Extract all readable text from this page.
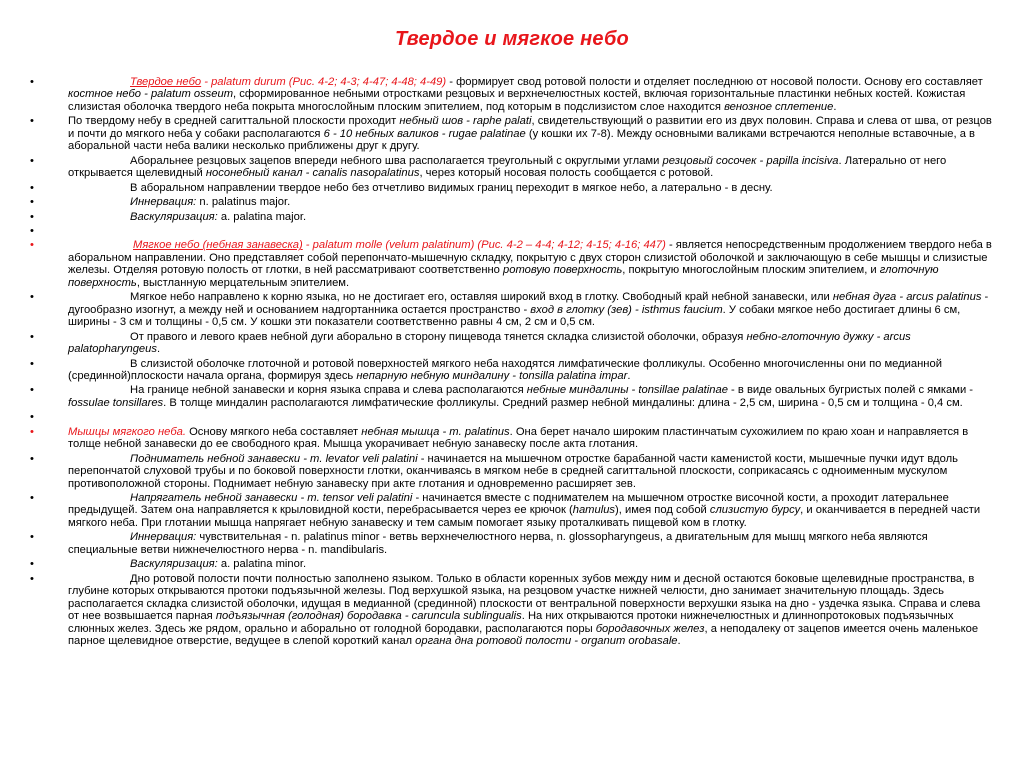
Твердое и мягкое небо
•	Твердое небо - palatum durum (Рис. 4-2; 4-3; 4-47; 4-48; 4-49) - формирует свод ротовой полости и отделяет последнюю от носовой полости. Основу его составляет костное небо - palatum osseum, сформированное небными отростками резцовых и верхнечелюстных костей, включая горизонтальные пластинки небных костей. Кожистая слизистая оболочка твердого неба покрыта многослойным плоским эпителием, под которым в подслизистом слое находится венозное сплетение.
•	По твердому небу в средней сагиттальной плоскости проходит небный шов - raphe palati, свидетельствующий о развитии его из двух половин. Справа и слева от шва, от резцов и почти до мягкого неба у собаки располагаются 6 - 10 небных валиков - rugae palatinae (у кошки их 7-8). Между основными валиками встречаются неполные вставочные, а в аборальной части неба валики несколько приближены друг к другу.
•	Аборальнее резцовых зацепов впереди небного шва располагается треугольный с округлыми углами резцовый сосочек - papilla incisiva. Латерально от него открывается щелевидный носонебный канал - canalis nasopalatinus, через который носовая полость сообщается с ротовой.
•	В аборальном направлении твердое небо без отчетливо видимых границ переходит в мягкое небо, а латерально - в десну.
•	Иннервация: n. palatinus major.
•	Васкуляризация: a. palatina major.
•
•	Мягкое небо (небная занавеска) - palatum molle (velum palatinum) (Рис. 4-2 – 4-4; 4-12; 4-15; 4-16; 447) - является непосредственным продолжением твердого неба в аборальном направлении. Оно представляет собой перепончато-мышечную складку, покрытую с двух сторон слизистой оболочкой и заключающую в себе мышцы и слизистые железы. Отделяя ротовую полость от глотки, в ней рассматривают соответственно ротовую поверхность, покрытую многослойным плоским эпителием, и глоточную поверхность, выстланную мерцательным эпителием.
•	Мягкое небо направлено к корню языка, но не достигает его, оставляя широкий вход в глотку. Свободный край небной занавески, или небная дуга - arcus palatinus - дугообразно изогнут, а между ней и основанием надгортанника остается пространство - вход в глотку (зев) - isthmus faucium. У собаки мягкое небо достигает длины 6 см, ширины - 3 см и толщины - 0,5 см. У кошки эти показатели соответственно равны 4 см, 2 см и 0,5 см.
•	От правого и левого краев небной дуги аборально в сторону пищевода тянется складка слизистой оболочки, образуя небно-глоточную дужку - arcus palatopharyngeus.
•	В слизистой оболочке глоточной и ротовой поверхностей мягкого неба находятся лимфатические фолликулы. Особенно многочисленны они по медианной (срединной)плоскости начала органа, формируя здесь непарную небную миндалину - tonsilla palatina impar.
•	На границе небной занавески и корня языка справа и слева располагаются небные миндалины - tonsillae palatinae - в виде овальных бугристых полей с ямками - fossulae tonsillares. В толще миндалин располагаются лимфатические фолликулы. Средний размер небной миндалины: длина - 2,5 см, ширина - 0,5 см и толщина - 0,4 см.
•
•	Мышцы мягкого неба. Основу мягкого неба составляет небная мышца - m. palatinus. Она берет начало широким пластинчатым сухожилием по краю хоан и направляется в толще небной занавески до ее свободного края. Мышца укорачивает небную занавеску после акта глотания.
•	Подниматель небной занавески - m. levator veli palatini - начинается на мышечном отростке барабанной части каменистой кости, мышечные пучки идут вдоль перепончатой слуховой трубы и по боковой поверхности глотки, оканчиваясь в мягком небе в средней сагиттальной плоскости, соприкасаясь с одноименным мускулом противоположной стороны. Поднимает небную занавеску при акте глотания и одновременно расширяет зев.
•	Напрягатель небной занавески - m. tensor veli palatini - начинается вместе с поднимателем на мышечном отростке височной кости, а проходит латеральнее предыдущей. Затем она направляется к крыловидной кости, перебрасывается через ее крючок (hamulus), имея под собой слизистую бурсу, и оканчивается в передней части мягкого неба. При глотании мышца напрягает небную занавеску и тем самым помогает языку проталкивать пищевой ком в глотку.
•	Иннервация: чувствительная - n. palatinus minor - ветвь верхнечелюстного нерва, n. glossopharyngeus, а двигательным для мышц мягкого неба являются специальные ветви нижнечелюстного нерва - n. mandibularis.
•	Васкуляризация: a. palatina minor.
•	Дно ротовой полости почти полностью заполнено языком. Только в области коренных зубов между ним и десной остаются боковые щелевидные пространства, в глубине которых открываются протоки подъязычной железы. Под верхушкой языка, на резцовом участке нижней челюсти, дно занимает значительную площадь. Здесь располагается складка слизистой оболочки, идущая в медианной (срединной) плоскости от вентральной поверхности верхушки языка на дно - уздечка языка. Справа и слева от нее возвышается парная подъязычная (голодная) бородавка - caruncula sublingualis. На них открываются протоки нижнечелюстных и длиннопротоковых подъязычных слюнных желез. Здесь же рядом, орально и аборально от голодной бородавки, располагаются поры бородавочных желез, а неподалеку от зацепов имеется очень маленькое парное щелевидное отверстие, ведущее в слепой короткий канал органа дна ротовой полости - organum orobasale.
